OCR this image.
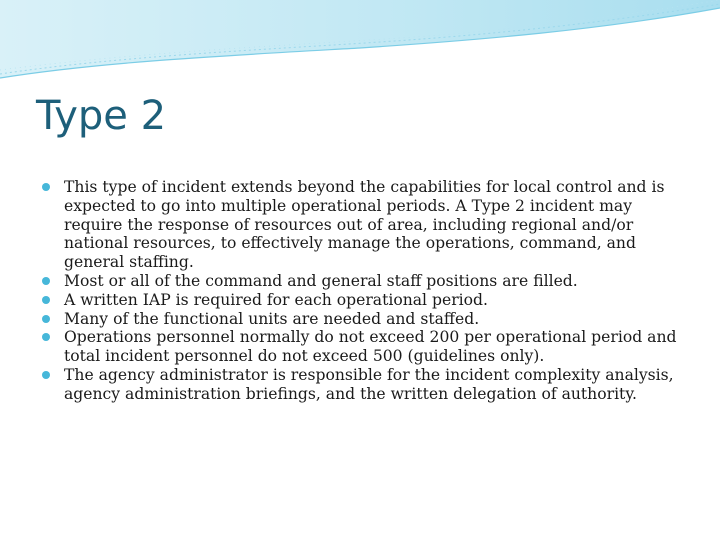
Type 2
This type of incident extends beyond the capabilities for local control and is expected to go into multiple operational periods. A Type 2 incident may require the response of resources out of area, including regional and/or national resources, to effectively manage the operations, command, and general staffing.
Most or all of the command and general staff positions are filled.
A written IAP is required for each operational period.
Many of the functional units are needed and staffed.
Operations personnel normally do not exceed 200 per operational period and total incident personnel do not exceed 500 (guidelines only).
The agency administrator is responsible for the incident complexity analysis, agency administration briefings, and the written delegation of authority.
